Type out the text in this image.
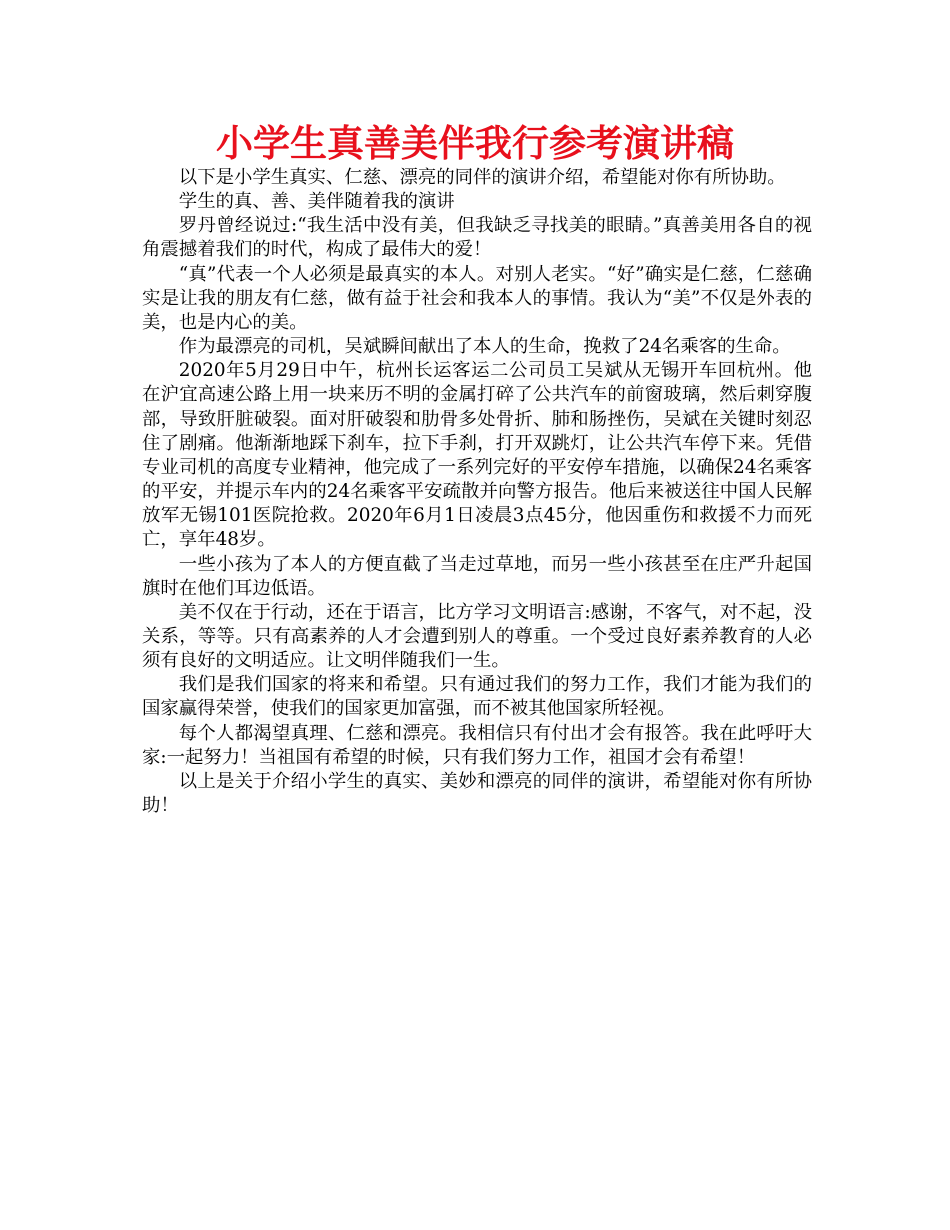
小学生真善美伴我行参考演讲稿

以下是小学生真实、仁慈、漂亮的同伴的演讲介绍，希望能对你有所协助。

学生的真、善、美伴随着我的演讲

罗丹曾经说过:“我生活中没有美，但我缺乏寻找美的眼睛。”真善美用各自的视角震撼着我们的时代，构成了最伟大的爱！

“真”代表一个人必须是最真实的本人。对别人老实。“好”确实是仁慈，仁慈确实是让我的朋友有仁慈，做有益于社会和我本人的事情。我认为“美”不仅是外表的美，也是内心的美。

作为最漂亮的司机，吴斌瞬间献出了本人的生命，挽救了24名乘客的生命。

2020年5月29日中午，杭州长运客运二公司员工吴斌从无锡开车回杭州。他在沪宜高速公路上用一块来历不明的金属打碎了公共汽车的前窗玻璃，然后刺穿腹部，导致肝脏破裂。面对肝破裂和肋骨多处骨折、肺和肠挫伤，吴斌在关键时刻忍住了剧痛。他渐渐地踩下刹车，拉下手刹，打开双跳灯，让公共汽车停下来。凭借专业司机的高度专业精神，他完成了一系列完好的平安停车措施，以确保24名乘客的平安，并提示车内的24名乘客平安疏散并向警方报告。他后来被送往中国人民解放军无锡101医院抢救。2020年6月1日凌晨3点45分，他因重伤和救援不力而死亡，享年48岁。

一些小孩为了本人的方便直截了当走过草地，而另一些小孩甚至在庄严升起国旗时在他们耳边低语。

美不仅在于行动，还在于语言，比方学习文明语言:感谢，不客气，对不起，没关系，等等。只有高素养的人才会遭到别人的尊重。一个受过良好素养教育的人必须有良好的文明适应。让文明伴随我们一生。

我们是我们国家的将来和希望。只有通过我们的努力工作，我们才能为我们的国家赢得荣誉，使我们的国家更加富强，而不被其他国家所轻视。

每个人都渴望真理、仁慈和漂亮。我相信只有付出才会有报答。我在此呼吁大家:一起努力！当祖国有希望的时候，只有我们努力工作，祖国才会有希望！

以上是关于介绍小学生的真实、美妙和漂亮的同伴的演讲，希望能对你有所协助！
